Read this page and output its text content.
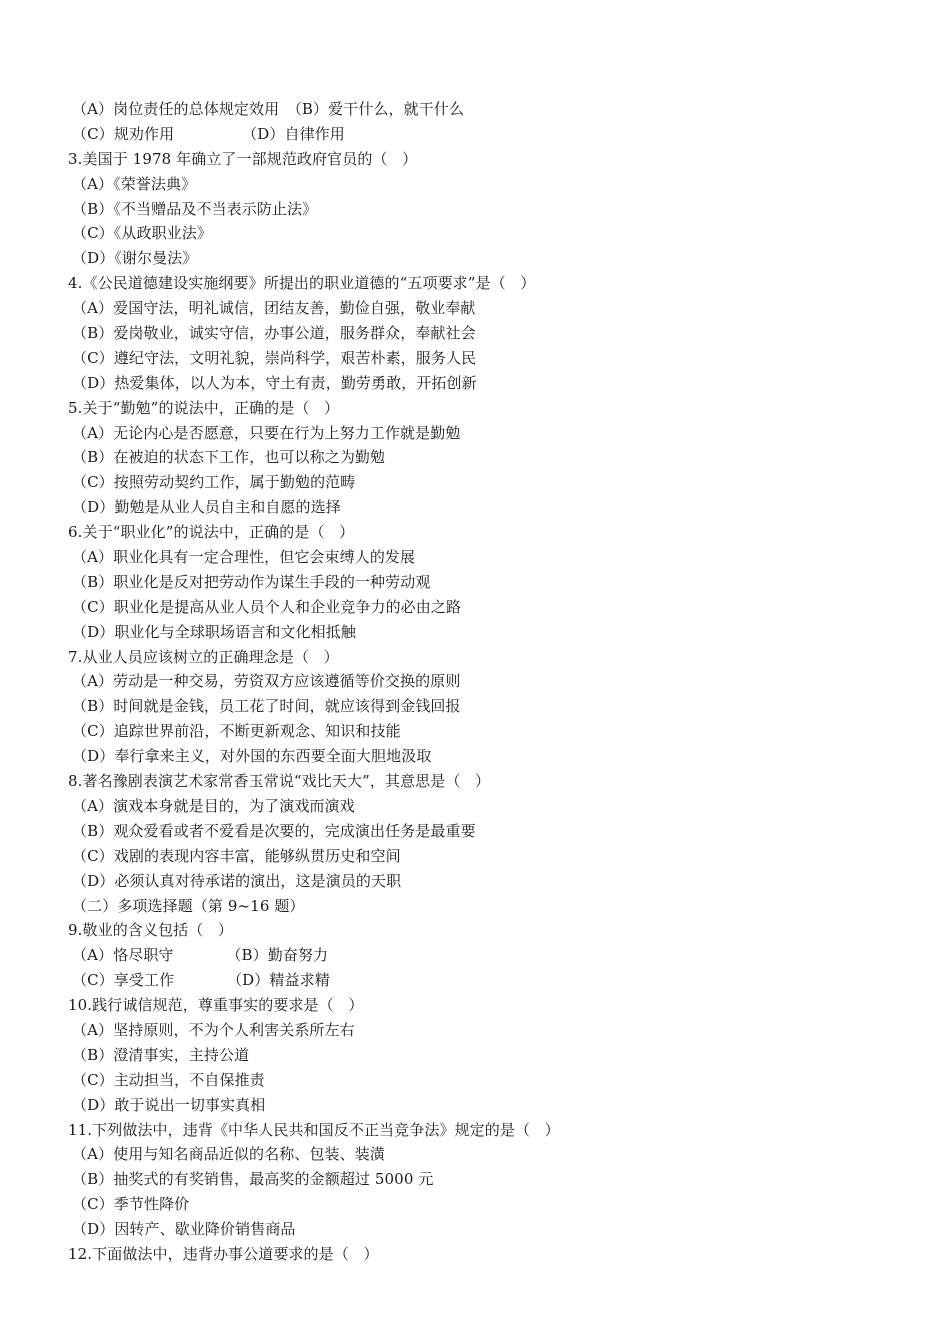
（A）岗位责任的总体规定效用　（B）爱干什么，就干什么
（C）规劝作用　　　　　（D）自律作用
3.美国于 1978 年确立了一部规范政府官员的（   ）
（A）《荣誉法典》
（B）《不当赠品及不当表示防止法》
（C）《从政职业法》
（D）《谢尔曼法》
4.《公民道德建设实施纲要》所提出的职业道德的“五项要求”是（   ）
（A）爱国守法，明礼诚信，团结友善，勤俭自强，敬业奉献
（B）爱岗敬业，诚实守信，办事公道，服务群众，奉献社会
（C）遵纪守法，文明礼貌，崇尚科学，艰苦朴素，服务人民
（D）热爱集体，以人为本，守土有责，勤劳勇敢，开拓创新
5.关于“勤勉”的说法中，正确的是（   ）
（A）无论内心是否愿意，只要在行为上努力工作就是勤勉
（B）在被迫的状态下工作，也可以称之为勤勉
（C）按照劳动契约工作，属于勤勉的范畴
（D）勤勉是从业人员自主和自愿的选择
6.关于“职业化”的说法中，正确的是（   ）
（A）职业化具有一定合理性，但它会束缚人的发展
（B）职业化是反对把劳动作为谋生手段的一种劳动观
（C）职业化是提高从业人员个人和企业竞争力的必由之路
（D）职业化与全球职场语言和文化相抵触
7.从业人员应该树立的正确理念是（   ）
（A）劳动是一种交易，劳资双方应该遵循等价交换的原则
（B）时间就是金钱，员工花了时间，就应该得到金钱回报
（C）追踪世界前沿，不断更新观念、知识和技能
（D）奉行拿来主义，对外国的东西要全面大胆地汲取
8.著名豫剧表演艺术家常香玉常说“戏比天大”，其意思是（   ）
（A）演戏本身就是目的，为了演戏而演戏
（B）观众爱看或者不爱看是次要的，完成演出任务是最重要
（C）戏剧的表现内容丰富，能够纵贯历史和空间
（D）必须认真对待承诺的演出，这是演员的天职
（二）多项选择题（第 9~16 题）
9.敬业的含义包括（   ）
（A）恪尽职守　　　　（B）勤奋努力
（C）享受工作　　　　（D）精益求精
10.践行诚信规范，尊重事实的要求是（   ）
（A）坚持原则，不为个人利害关系所左右
（B）澄清事实，主持公道
（C）主动担当，不自保推责
（D）敢于说出一切事实真相
11.下列做法中，违背《中华人民共和国反不正当竞争法》规定的是（   ）
（A）使用与知名商品近似的名称、包装、装潢
（B）抽奖式的有奖销售，最高奖的金额超过 5000 元
（C）季节性降价
（D）因转产、歇业降价销售商品
12.下面做法中，违背办事公道要求的是（   ）
